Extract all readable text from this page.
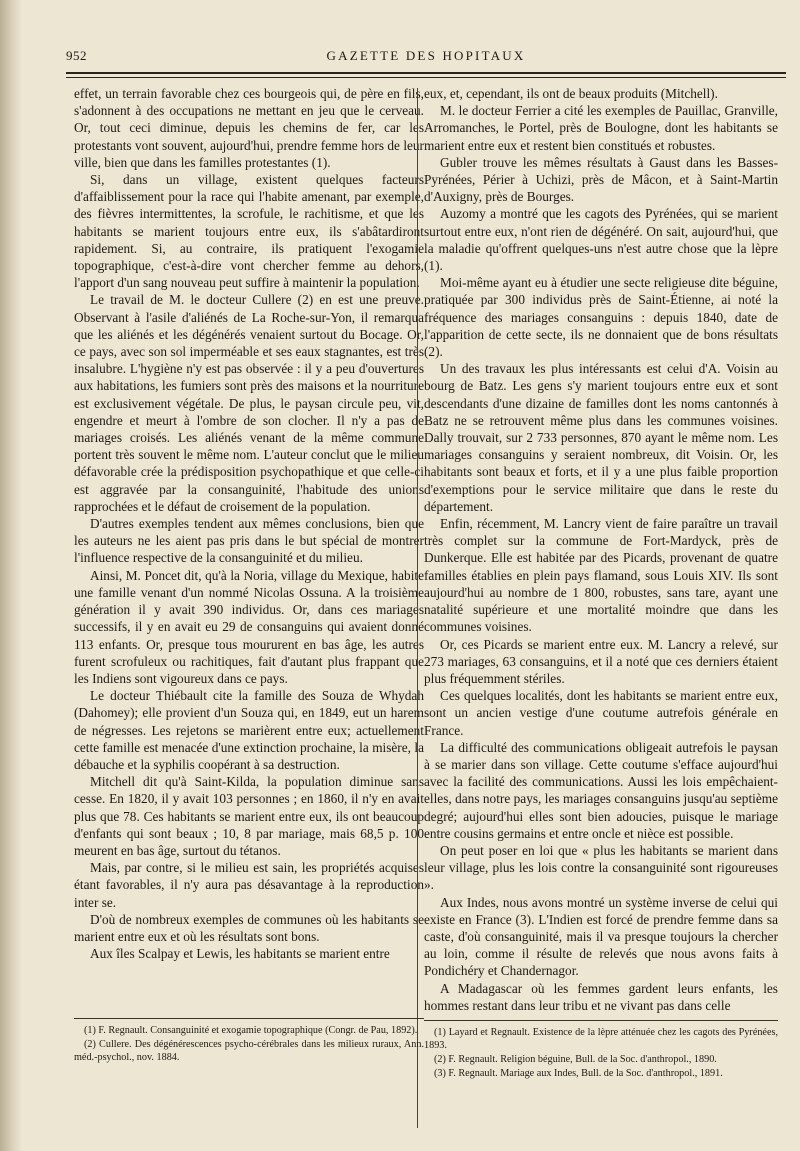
952	GAZETTE DES HOPITAUX

effet, un terrain favorable chez ces bourgeois qui, de père en fils, s'adonnent à des occupations ne mettant en jeu que le cerveau. Or, tout ceci diminue, depuis les chemins de fer, car les protestants vont souvent, aujourd'hui, prendre femme hors de leur ville, bien que dans les familles protestantes (1).

Si, dans un village, existent quelques facteurs d'affaiblissement pour la race qui l'habite amenant, par exemple, des fièvres intermittentes, la scrofule, le rachitisme, et que les habitants se marient toujours entre eux, ils s'abâtardiront rapidement. Si, au contraire, ils pratiquent l'exogamie topographique, c'est-à-dire vont chercher femme au dehors, l'apport d'un sang nouveau peut suffire à maintenir la population.

Le travail de M. le docteur Cullere (2) en est une preuve. Observant à l'asile d'aliénés de La Roche-sur-Yon, il remarqua que les aliénés et les dégénérés venaient surtout du Bocage. Or, ce pays, avec son sol imperméable et ses eaux stagnantes, est très insalubre. L'hygiène n'y est pas observée : il y a peu d'ouvertures aux habitations, les fumiers sont près des maisons et la nourriture est exclusivement végétale. De plus, le paysan circule peu, vit, engendre et meurt à l'ombre de son clocher. Il n'y a pas de mariages croisés. Les aliénés venant de la même commune portent très souvent le même nom. L'auteur conclut que le milieu défavorable crée la prédisposition psychopathique et que celle-ci est aggravée par la consanguinité, l'habitude des unions rapprochées et le défaut de croisement de la population.

D'autres exemples tendent aux mêmes conclusions, bien que les auteurs ne les aient pas pris dans le but spécial de montrer l'influence respective de la consanguinité et du milieu.

Ainsi, M. Poncet dit, qu'à la Noria, village du Mexique, habite une famille venant d'un nommé Nicolas Ossuna. A la troisième génération il y avait 390 individus. Or, dans ces mariages successifs, il y en avait eu 29 de consanguins qui avaient donné 113 enfants. Or, presque tous moururent en bas âge, les autres furent scrofuleux ou rachitiques, fait d'autant plus frappant que les Indiens sont vigoureux dans ce pays.

Le docteur Thiébault cite la famille des Souza de Whydah (Dahomey); elle provient d'un Souza qui, en 1849, eut un harem de négresses. Les rejetons se marièrent entre eux; actuellement cette famille est menacée d'une extinction prochaine, la misère, la débauche et la syphilis coopérant à sa destruction.

Mitchell dit qu'à Saint-Kilda, la population diminue sans cesse. En 1820, il y avait 103 personnes ; en 1860, il n'y en avait plus que 78. Ces habitants se marient entre eux, ils ont beaucoup d'enfants qui sont beaux ; 10, 8 par mariage, mais 68,5 p. 100 meurent en bas âge, surtout du tétanos.

Mais, par contre, si le milieu est sain, les propriétés acquises étant favorables, il n'y aura pas désavantage à la reproduction inter se.

D'où de nombreux exemples de communes où les habitants se marient entre eux et où les résultats sont bons.

Aux îles Scalpay et Lewis, les habitants se marient entre

eux, et, cependant, ils ont de beaux produits (Mitchell).

M. le docteur Ferrier a cité les exemples de Pauillac, Granville, Arromanches, le Portel, près de Boulogne, dont les habitants se marient entre eux et restent bien constitués et robustes.

Gubler trouve les mêmes résultats à Gaust dans les Basses-Pyrénées, Périer à Uchizi, près de Mâcon, et à Saint-Martin d'Auxigny, près de Bourges.

Auzomy a montré que les cagots des Pyrénées, qui se marient surtout entre eux, n'ont rien de dégénéré. On sait, aujourd'hui, que la maladie qu'offrent quelques-uns n'est autre chose que la lèpre (1).

Moi-même ayant eu à étudier une secte religieuse dite béguine, pratiquée par 300 individus près de Saint-Étienne, ai noté la fréquence des mariages consanguins : depuis 1840, date de l'apparition de cette secte, ils ne donnaient que de bons résultats (2).

Un des travaux les plus intéressants est celui d'A. Voisin au bourg de Batz. Les gens s'y marient toujours entre eux et sont descendants d'une dizaine de familles dont les noms cantonnés à Batz ne se retrouvent même plus dans les communes voisines. Dally trouvait, sur 2 733 personnes, 870 ayant le même nom. Les mariages consanguins y seraient nombreux, dit Voisin. Or, les habitants sont beaux et forts, et il y a une plus faible proportion d'exemptions pour le service militaire que dans le reste du département.

Enfin, récemment, M. Lancry vient de faire paraître un travail très complet sur la commune de Fort-Mardyck, près de Dunkerque. Elle est habitée par des Picards, provenant de quatre familles établies en plein pays flamand, sous Louis XIV. Ils sont aujourd'hui au nombre de 1 800, robustes, sans tare, ayant une natalité supérieure et une mortalité moindre que dans les communes voisines.

Or, ces Picards se marient entre eux. M. Lancry a relevé, sur 273 mariages, 63 consanguins, et il a noté que ces derniers étaient plus fréquemment stériles.

Ces quelques localités, dont les habitants se marient entre eux, sont un ancien vestige d'une coutume autrefois générale en France.

La difficulté des communications obligeait autrefois le paysan à se marier dans son village. Cette coutume s'efface aujourd'hui avec la facilité des communications. Aussi les lois empêchaient-elles, dans notre pays, les mariages consanguins jusqu'au septième degré; aujourd'hui elles sont bien adoucies, puisque le mariage entre cousins germains et entre oncle et nièce est possible.

On peut poser en loi que « plus les habitants se marient dans leur village, plus les lois contre la consanguinité sont rigoureuses ».

Aux Indes, nous avons montré un système inverse de celui qui existe en France (3). L'Indien est forcé de prendre femme dans sa caste, d'où consanguinité, mais il va presque toujours la chercher au loin, comme il résulte de relevés que nous avons faits à Pondichéry et Chandernagor.

A Madagascar où les femmes gardent leurs enfants, les hommes restant dans leur tribu et ne vivant pas dans celle

(1) F. Regnault. Consanguinité et exogamie topographique (Congr. de Pau, 1892).

(2) Cullere. Des dégénérescences psycho-cérébrales dans les milieux ruraux, Ann. méd.-psychol., nov. 1884.

(1) Layard et Regnault. Existence de la lèpre atténuée chez les cagots des Pyrénées, 1893.

(2) F. Regnault. Religion béguine, Bull. de la Soc. d'anthropol., 1890.

(3) F. Regnault. Mariage aux Indes, Bull. de la Soc. d'anthropol., 1891.
